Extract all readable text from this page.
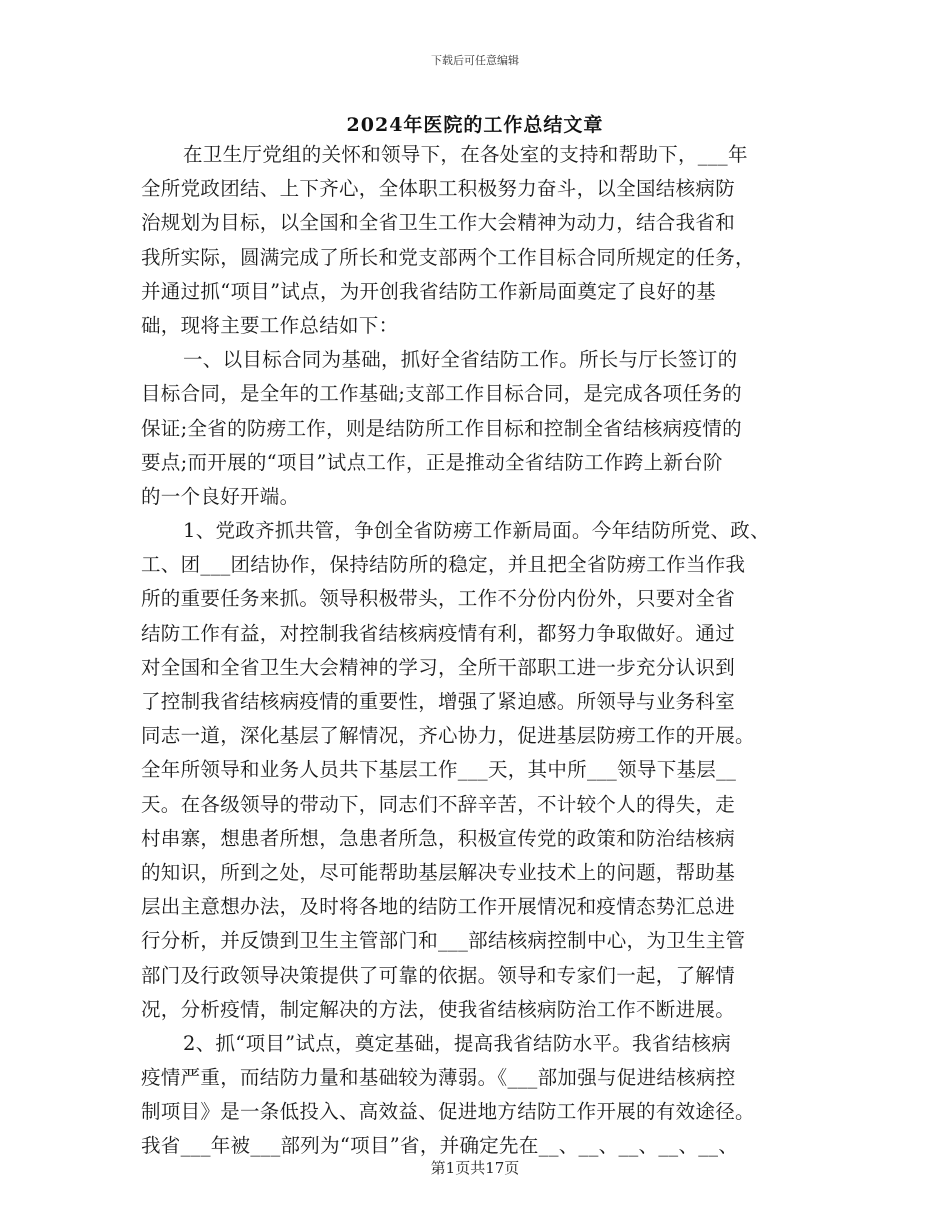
下载后可任意编辑
2024年医院的工作总结文章
在卫生厅党组的关怀和领导下，在各处室的支持和帮助下，___年
全所党政团结、上下齐心，全体职工积极努力奋斗，以全国结核病防
治规划为目标，以全国和全省卫生工作大会精神为动力，结合我省和
我所实际，圆满完成了所长和党支部两个工作目标合同所规定的任务，
并通过抓“项目”试点，为开创我省结防工作新局面奠定了良好的基
础，现将主要工作总结如下：
一、以目标合同为基础，抓好全省结防工作。所长与厅长签订的
目标合同，是全年的工作基础;支部工作目标合同，是完成各项任务的
保证;全省的防痨工作，则是结防所工作目标和控制全省结核病疫情的
要点;而开展的“项目”试点工作，正是推动全省结防工作跨上新台阶
的一个良好开端。
1、党政齐抓共管，争创全省防痨工作新局面。今年结防所党、政、
工、团___团结协作，保持结防所的稳定，并且把全省防痨工作当作我
所的重要任务来抓。领导积极带头，工作不分份内份外，只要对全省
结防工作有益，对控制我省结核病疫情有利，都努力争取做好。通过
对全国和全省卫生大会精神的学习，全所干部职工进一步充分认识到
了控制我省结核病疫情的重要性，增强了紧迫感。所领导与业务科室
同志一道，深化基层了解情况，齐心协力，促进基层防痨工作的开展。
全年所领导和业务人员共下基层工作___天，其中所___领导下基层__
天。在各级领导的带动下，同志们不辞辛苦，不计较个人的得失，走
村串寨，想患者所想，急患者所急，积极宣传党的政策和防治结核病
的知识，所到之处，尽可能帮助基层解决专业技术上的问题，帮助基
层出主意想办法，及时将各地的结防工作开展情况和疫情态势汇总进
行分析，并反馈到卫生主管部门和___部结核病控制中心，为卫生主管
部门及行政领导决策提供了可靠的依据。领导和专家们一起，了解情
况，分析疫情，制定解决的方法，使我省结核病防治工作不断进展。
2、抓“项目”试点，奠定基础，提高我省结防水平。我省结核病
疫情严重，而结防力量和基础较为薄弱。《___部加强与促进结核病控
制项目》是一条低投入、高效益、促进地方结防工作开展的有效途径。
我省___年被___部列为“项目”省，并确定先在__、__、__、__、__、
第1页共17页
